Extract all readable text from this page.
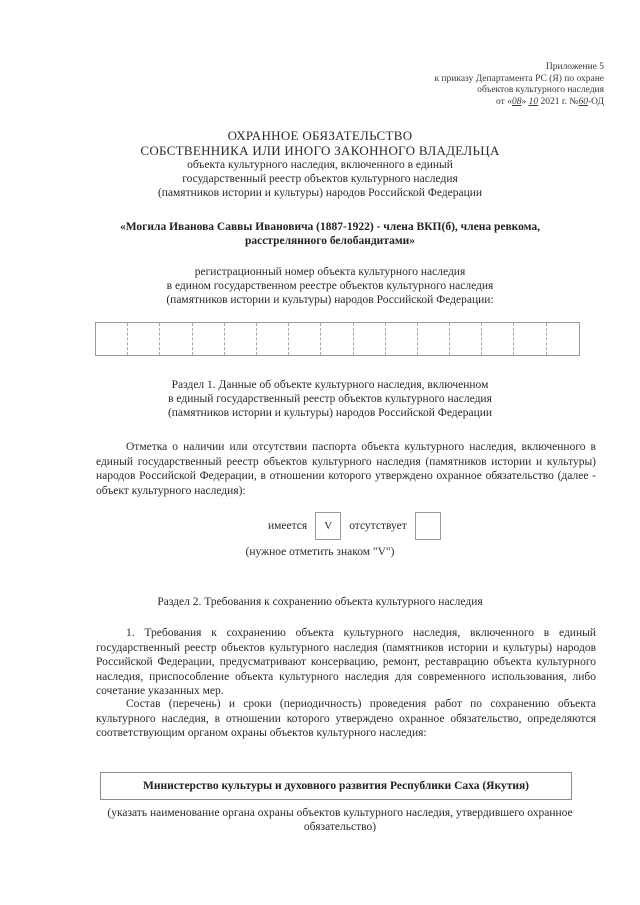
Приложение 5
к приказу Департамента РС (Я) по охране
объектов культурного наследия
от «08» 10 2021 г. №60-ОД
ОХРАННОЕ ОБЯЗАТЕЛЬСТВО
СОБСТВЕННИКА ИЛИ ИНОГО ЗАКОННОГО ВЛАДЕЛЬЦА
объекта культурного наследия, включенного в единый
государственный реестр объектов культурного наследия
(памятников истории и культуры) народов Российской Федерации
«Могила Иванова Саввы Ивановича (1887-1922) - члена ВКП(б), члена ревкома,
расстрелянного белобандитами»
регистрационный номер объекта культурного наследия
в едином государственном реестре объектов культурного наследия
(памятников истории и культуры) народов Российской Федерации:
Раздел 1. Данные об объекте культурного наследия, включенном
в единый государственный реестр объектов культурного наследия
(памятников истории и культуры) народов Российской Федерации
Отметка о наличии или отсутствии паспорта объекта культурного наследия, включенного в единый государственный реестр объектов культурного наследия (памятников истории и культуры) народов Российской Федерации, в отношении которого утверждено охранное обязательство (далее - объект культурного наследия):
имеется	V	отсутствует
(нужное отметить знаком "V")
Раздел 2. Требования к сохранению объекта культурного наследия
1. Требования к сохранению объекта культурного наследия, включенного в единый государственный реестр объектов культурного наследия (памятников истории и культуры) народов Российской Федерации, предусматривают консервацию, ремонт, реставрацию объекта культурного наследия, приспособление объекта культурного наследия для современного использования, либо сочетание указанных мер.
Состав (перечень) и сроки (периодичность) проведения работ по сохранению объекта культурного наследия, в отношении которого утверждено охранное обязательство, определяются соответствующим органом охраны объектов культурного наследия:
Министерство культуры и духовного развития Республики Саха (Якутия)
(указать наименование органа охраны объектов культурного наследия, утвердившего охранное обязательство)
